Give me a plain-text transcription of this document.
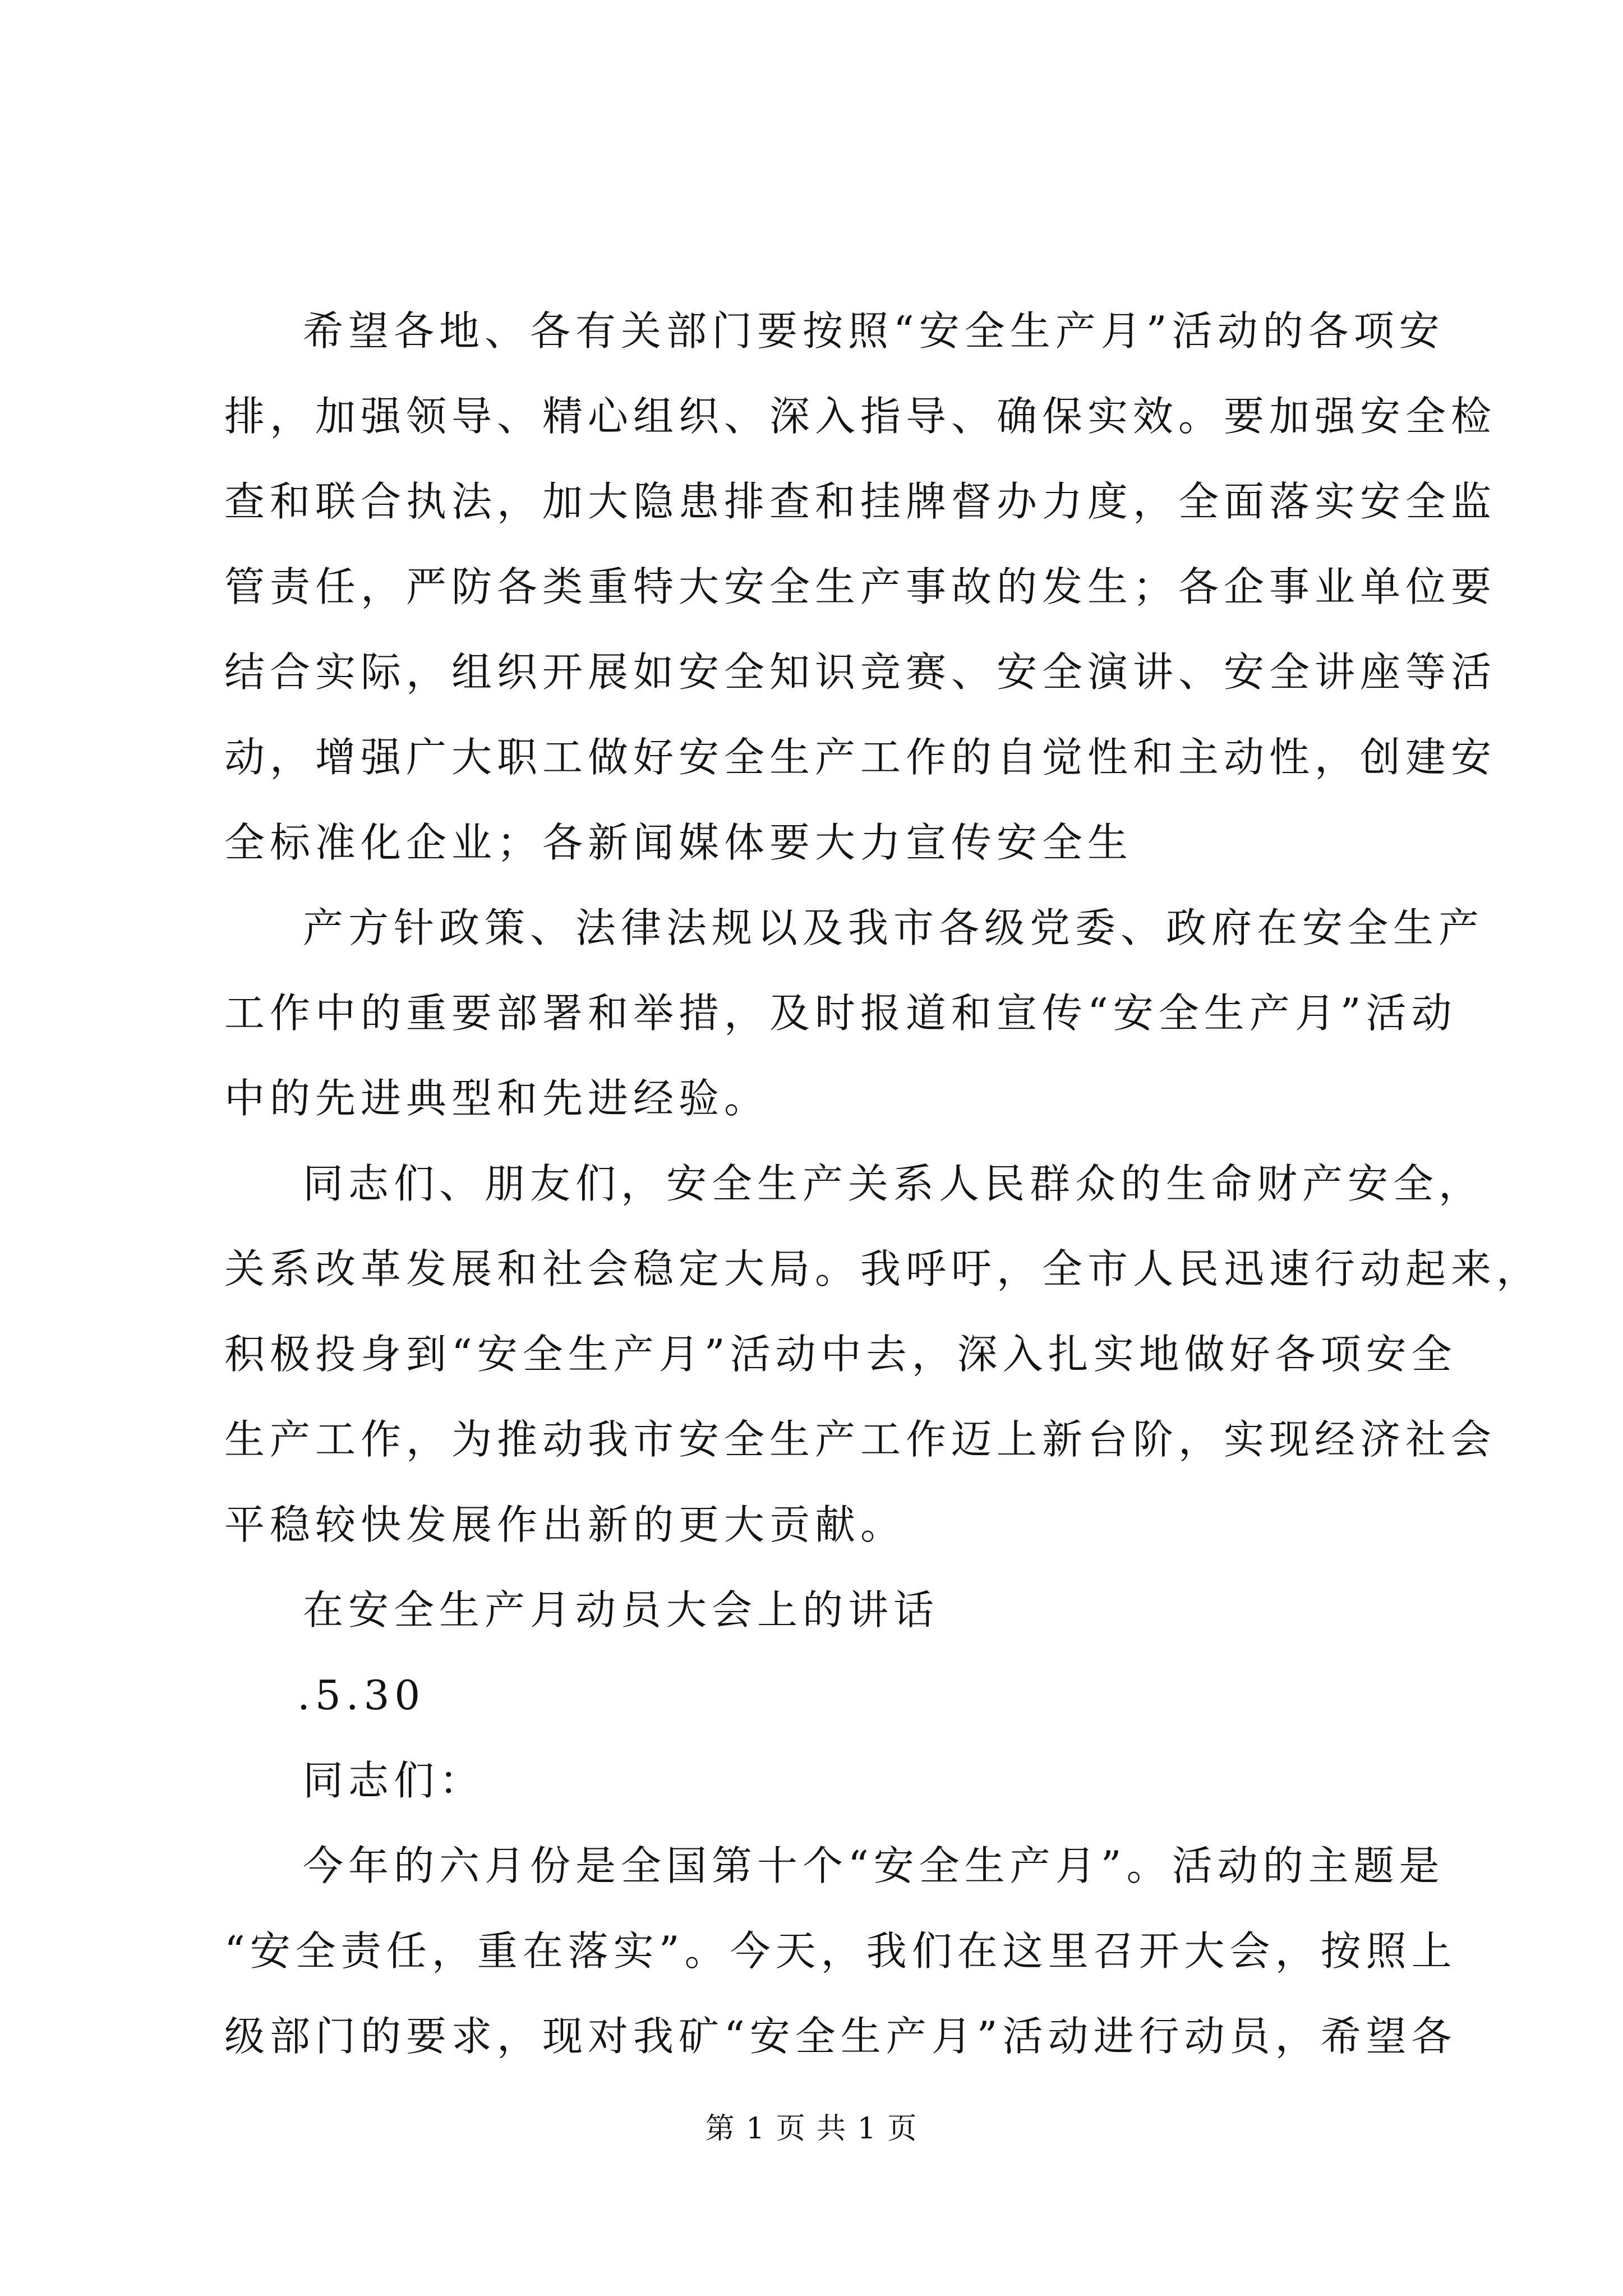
希望各地、各有关部门要按照“安全生产月”活动的各项安
排，加强领导、精心组织、深入指导、确保实效。要加强安全检
查和联合执法，加大隐患排查和挂牌督办力度，全面落实安全监
管责任，严防各类重特大安全生产事故的发生；各企事业单位要
结合实际，组织开展如安全知识竞赛、安全演讲、安全讲座等活
动，增强广大职工做好安全生产工作的自觉性和主动性，创建安
全标准化企业；各新闻媒体要大力宣传安全生
产方针政策、法律法规以及我市各级党委、政府在安全生产
工作中的重要部署和举措，及时报道和宣传“安全生产月”活动
中的先进典型和先进经验。
同志们、朋友们，安全生产关系人民群众的生命财产安全，
关系改革发展和社会稳定大局。我呼吁，全市人民迅速行动起来，
积极投身到“安全生产月”活动中去，深入扎实地做好各项安全
生产工作，为推动我市安全生产工作迈上新台阶，实现经济社会
平稳较快发展作出新的更大贡献。
在安全生产月动员大会上的讲话
.5.30
同志们：
今年的六月份是全国第十个“安全生产月”。活动的主题是
“安全责任，重在落实”。今天，我们在这里召开大会，按照上
级部门的要求，现对我矿“安全生产月”活动进行动员，希望各
第 1 页 共 1 页
